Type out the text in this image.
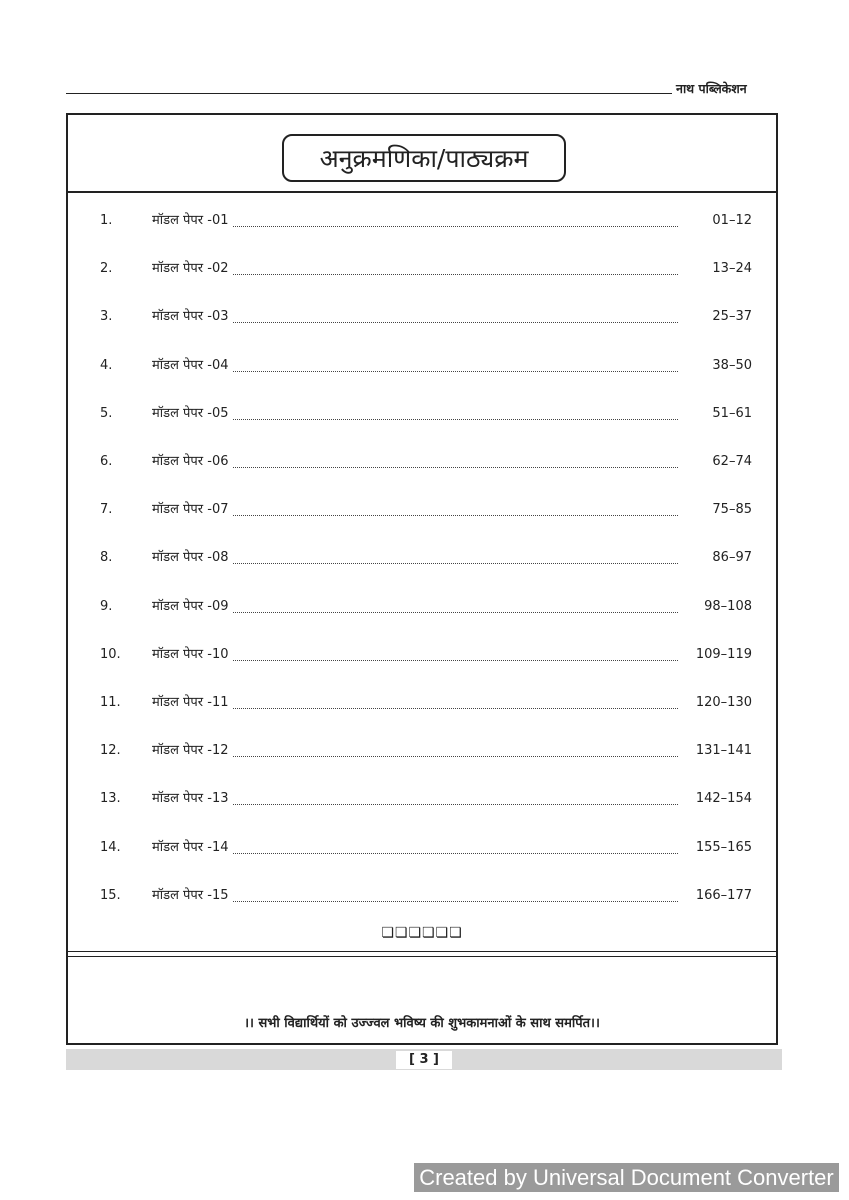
नाथ पब्लिकेशन
अनुक्रमणिका/पाठ्यक्रम
1.	मॉडल पेपर -01	01–12
2.	मॉडल पेपर -02	13–24
3.	मॉडल पेपर -03	25–37
4.	मॉडल पेपर -04	38–50
5.	मॉडल पेपर -05	51–61
6.	मॉडल पेपर -06	62–74
7.	मॉडल पेपर -07	75–85
8.	मॉडल पेपर -08	86–97
9.	मॉडल पेपर -09	98–108
10.	मॉडल पेपर -10	109–119
11.	मॉडल पेपर -11	120–130
12.	मॉडल पेपर -12	131–141
13.	मॉडल पेपर -13	142–154
14.	मॉडल पेपर -14	155–165
15.	मॉडल पेपर -15	166–177
❏❏❏❏❏❏
।। सभी विद्यार्थियों को उज्ज्वल भविष्य की शुभकामनाओं के साथ समर्पित।।
[ 3 ]
Created by Universal Document Converter
